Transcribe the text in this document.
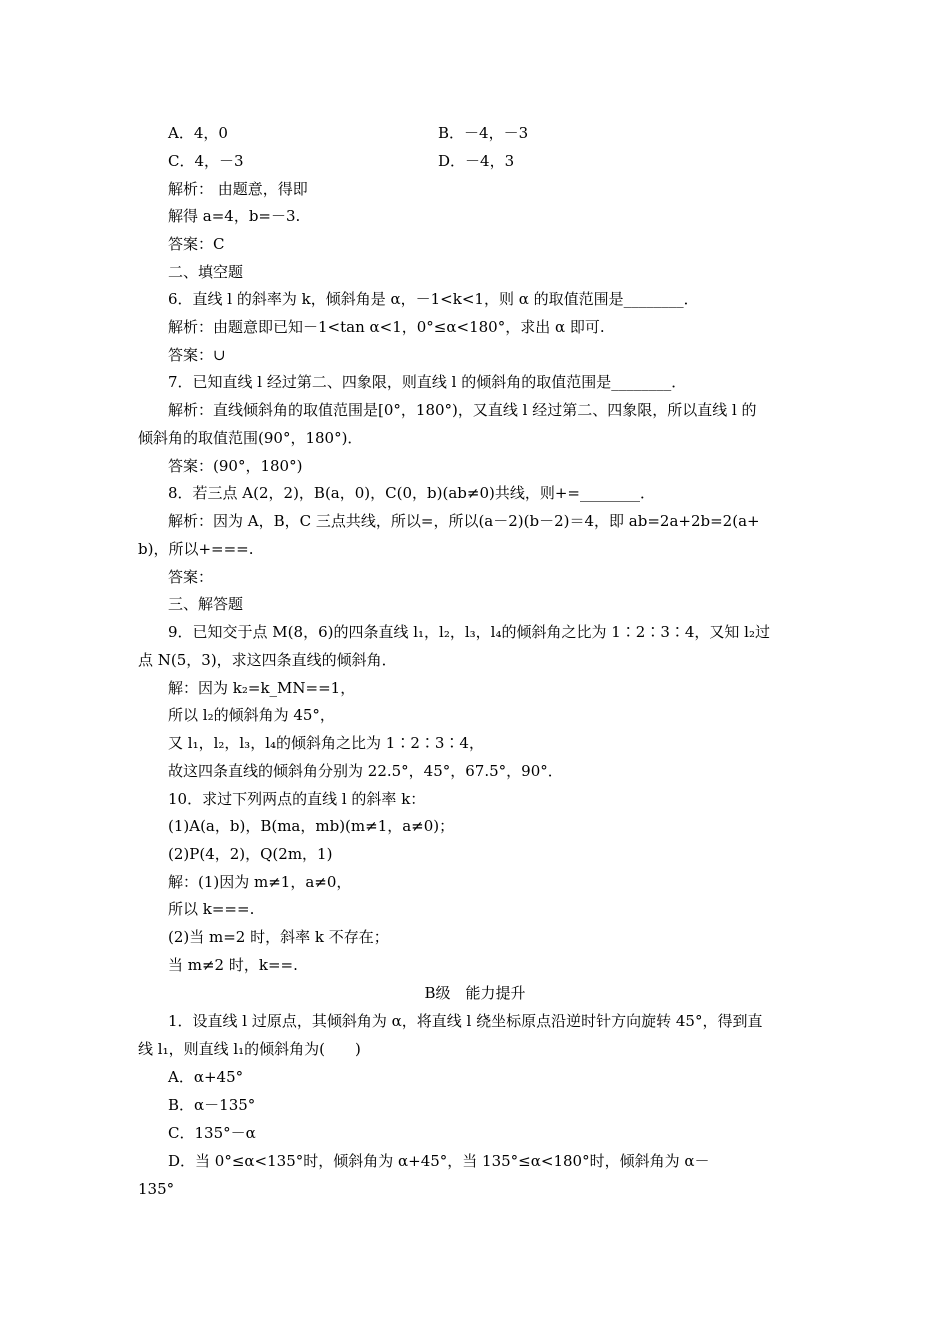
A．4，0	B．－4，－3
C．4，－3	D．－4，3
解析： 由题意，得即
解得 a=4，b=－3.
答案：C
二、填空题
6．直线 l 的斜率为 k，倾斜角是 α，－1<k<1，则 α 的取值范围是________．
解析：由题意即已知－1<tan α<1，0°≤α<180°，求出 α 即可.
答案：∪
7．已知直线 l 经过第二、四象限，则直线 l 的倾斜角的取值范围是________．
解析：直线倾斜角的取值范围是[0°，180°)，又直线 l 经过第二、四象限，所以直线 l 的
倾斜角的取值范围(90°，180°)．
答案：(90°，180°)
8．若三点 A(2，2)，B(a，0)，C(0，b)(ab≠0)共线，则+=________．
解析：因为 A，B，C 三点共线，所以=，所以(a－2)(b－2)＝4，即 ab=2a+2b=2(a+
b)，所以+===.
答案：
三、解答题
9．已知交于点 M(8，6)的四条直线 l₁，l₂，l₃，l₄的倾斜角之比为 1∶2∶3∶4，又知 l₂过
点 N(5，3)，求这四条直线的倾斜角．
解：因为 k₂=k_MN==1，
所以 l₂的倾斜角为 45°，
又 l₁，l₂，l₃，l₄的倾斜角之比为 1∶2∶3∶4，
故这四条直线的倾斜角分别为 22.5°，45°，67.5°，90°．
10．求过下列两点的直线 l 的斜率 k：
(1)A(a，b)，B(ma，mb)(m≠1，a≠0)；
(2)P(4，2)，Q(2m，1)
解：(1)因为 m≠1，a≠0，
所以 k===.
(2)当 m=2 时，斜率 k 不存在；
当 m≠2 时，k==.
B级　能力提升
1．设直线 l 过原点，其倾斜角为 α，将直线 l 绕坐标原点沿逆时针方向旋转 45°，得到直
线 l₁，则直线 l₁的倾斜角为(　　)
A．α+45°
B．α－135°
C．135°－α
D．当 0°≤α<135°时，倾斜角为 α+45°，当 135°≤α<180°时，倾斜角为 α－
135°
